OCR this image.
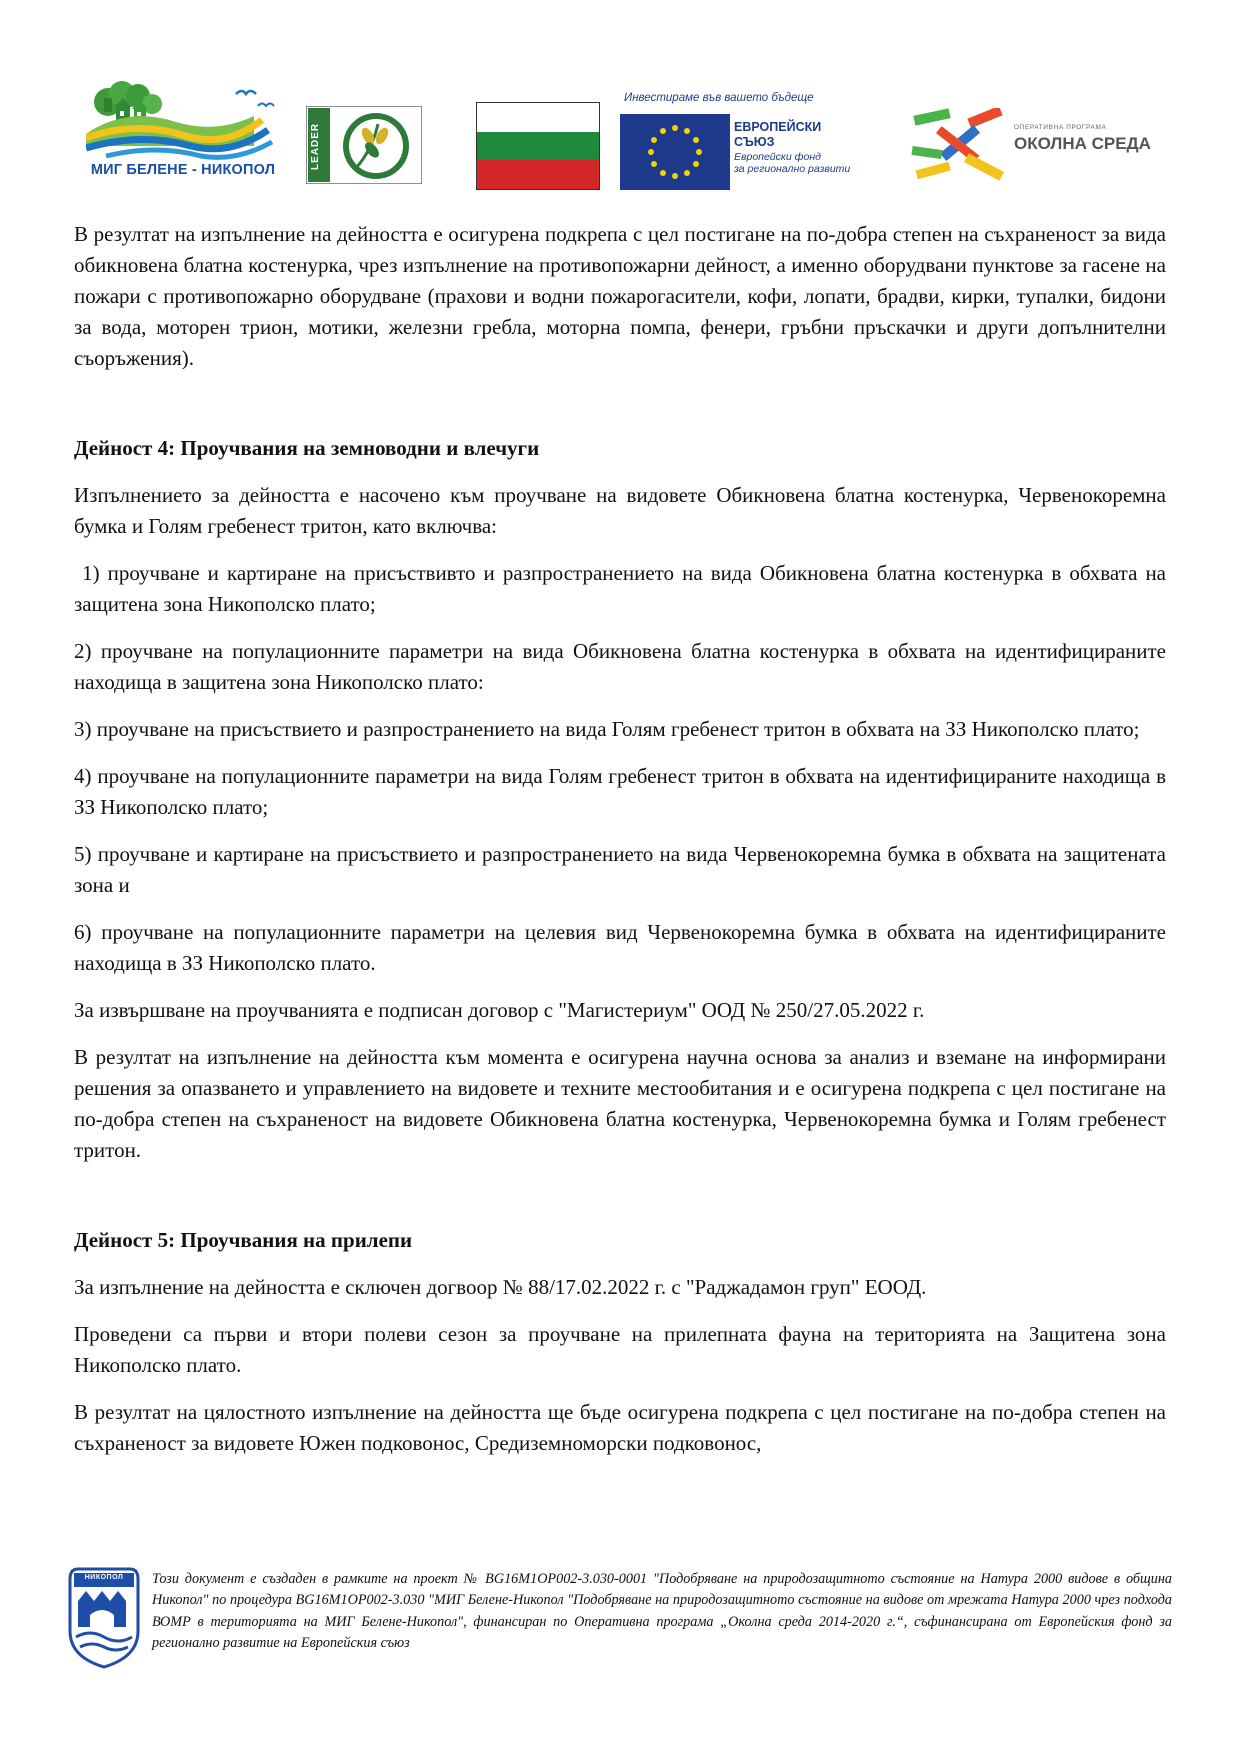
МИГ БЕЛЕНЕ - НИКОПОЛ
LEADER
Инвестираме във вашето бъдеще
ЕВРОПЕЙСКИ
СЪЮЗ
Европейски фонд
за регионално развити
ОПЕРАТИВНА ПРОГРАМА
ОКОЛНА СРЕДА

В резултат на изпълнение на дейността е осигурена подкрепа с цел постигане на по-добра степен на съхраненост за вида обикновена блатна костенурка, чрез изпълнение на противопожарни дейност, а именно оборудвани пунктове за гасене на пожари с противопожарно оборудване (прахови и водни пожарогасители, кофи, лопати, брадви, кирки, тупалки, бидони за вода, моторен трион, мотики, железни гребла, моторна помпа, фенери, гръбни пръскачки и други допълнителни съоръжения).

Дейност 4: Проучвания на земноводни и влечуги

Изпълнението за дейността е насочено към проучване на видовете Обикновена блатна костенурка, Червенокоремна бумка и Голям гребенест тритон, като включва:

1) проучване и картиране на присъствивто и разпространението на вида Обикновена блатна костенурка в обхвата на защитена зона Никополско плато;

2) проучване на популационните параметри на вида Обикновена блатна костенурка в обхвата на идентифицираните находища в защитена зона Никополско плато:

3) проучване на присъствието и разпространението на вида Голям гребенест тритон в обхвата на ЗЗ Никополско плато;

4) проучване на популационните параметри на вида Голям гребенест тритон в обхвата на идентифицираните находища в ЗЗ Никополско плато;

5) проучване и картиране на присъствието и разпространението на вида Червенокоремна бумка в обхвата на защитената зона и

6) проучване на популационните параметри на целевия вид Червенокоремна бумка в обхвата на идентифицираните находища в ЗЗ Никополско плато.

За извършване на проучванията е подписан договор с "Магистериум" ООД № 250/27.05.2022 г.

В резултат на изпълнение на дейността към момента е осигурена научна основа за анализ и вземане на информирани решения за опазването и управлението на видовете и техните местообитания и е осигурена подкрепа с цел постигане на по-добра степен на съхраненост на видовете Обикновена блатна костенурка, Червенокоремна бумка и Голям гребенест тритон.

Дейност 5: Проучвания на прилепи

За изпълнение на дейността е сключен догвоор № 88/17.02.2022 г. с "Раджадамон груп" ЕООД.

Проведени са първи и втори полеви сезон за проучване на прилепната фауна на територията на Защитена зона Никополско плато.

В резултат на цялостното изпълнение на дейността ще бъде осигурена подкрепа с цел постигане на по-добра степен на съхраненост за видовете Южен подковонос, Средиземноморски подковонос,

НИКОПОЛ	Този документ е създаден в рамките на проект № BG16M1OP002-3.030-0001 "Подобряване на природозащитното състояние на Натура 2000 видове в община Никопол" по процедура BG16M1OP002-3.030 "МИГ Белене-Никопол "Подобряване на природозащитното състояние на видове от мрежата Натура 2000 чрез подхода ВОМР в територията на МИГ Белене-Никопол", финансиран по Оперативна програма „Околна среда 2014-2020 г.“, съфинансирана от Европейския фонд за регионално развитие на Европейския съюз
